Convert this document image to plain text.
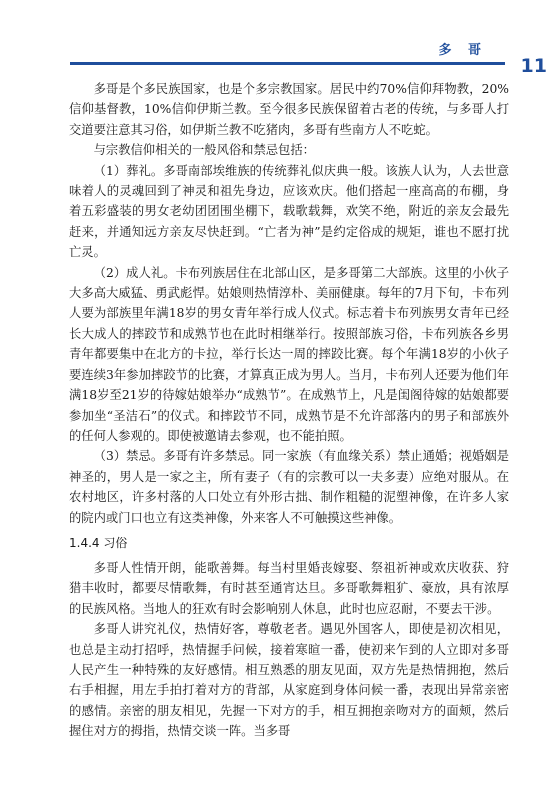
多 哥
11

多哥是个多民族国家，也是个多宗教国家。居民中约70%信仰拜物教，20%信仰基督教，10%信仰伊斯兰教。至今很多民族保留着古老的传统，与多哥人打交道要注意其习俗，如伊斯兰教不吃猪肉，多哥有些南方人不吃蛇。

与宗教信仰相关的一般风俗和禁忌包括：

（1）葬礼。多哥南部埃维族的传统葬礼似庆典一般。该族人认为，人去世意味着人的灵魂回到了神灵和祖先身边，应该欢庆。他们搭起一座高高的布棚，身着五彩盛装的男女老幼团团围坐棚下，载歌载舞，欢笑不绝，附近的亲友会最先赶来，并通知远方亲友尽快赶到。“亡者为神”是约定俗成的规矩，谁也不愿打扰亡灵。

（2）成人礼。卡布列族居住在北部山区，是多哥第二大部族。这里的小伙子大多高大威猛、勇武彪悍。姑娘则热情淳朴、美丽健康。每年的7月下旬，卡布列人要为部族里年满18岁的男女青年举行成人仪式。标志着卡布列族男女青年已经长大成人的摔跤节和成熟节也在此时相继举行。按照部族习俗，卡布列族各乡男青年都要集中在北方的卡拉，举行长达一周的摔跤比赛。每个年满18岁的小伙子要连续3年参加摔跤节的比赛，才算真正成为男人。当月，卡布列人还要为他们年满18岁至21岁的待嫁姑娘举办“成熟节”。在成熟节上，凡是闺阁待嫁的姑娘都要参加坐“圣洁石”的仪式。和摔跤节不同，成熟节是不允许部落内的男子和部族外的任何人参观的。即使被邀请去参观，也不能拍照。

（3）禁忌。多哥有许多禁忌。同一家族（有血缘关系）禁止通婚；视婚姻是神圣的，男人是一家之主，所有妻子（有的宗教可以一夫多妻）应绝对服从。在农村地区，许多村落的人口处立有外形古拙、制作粗糙的泥塑神像，在许多人家的院内或门口也立有这类神像，外来客人不可触摸这些神像。

1.4.4 习俗

多哥人性情开朗，能歌善舞。每当村里婚丧嫁娶、祭祖祈神或欢庆收获、狩猎丰收时，都要尽情歌舞，有时甚至通宵达旦。多哥歌舞粗犷、豪放，具有浓厚的民族风格。当地人的狂欢有时会影响别人休息，此时也应忍耐，不要去干涉。

多哥人讲究礼仪，热情好客，尊敬老者。遇见外国客人，即使是初次相见，也总是主动打招呼，热情握手问候，接着寒暄一番，使初来乍到的人立即对多哥人民产生一种特殊的友好感情。相互熟悉的朋友见面，双方先是热情拥抱，然后右手相握，用左手拍打着对方的背部，从家庭到身体问候一番，表现出异常亲密的感情。亲密的朋友相见，先握一下对方的手，相互拥抱亲吻对方的面颊，然后握住对方的拇指，热情交谈一阵。当多哥
